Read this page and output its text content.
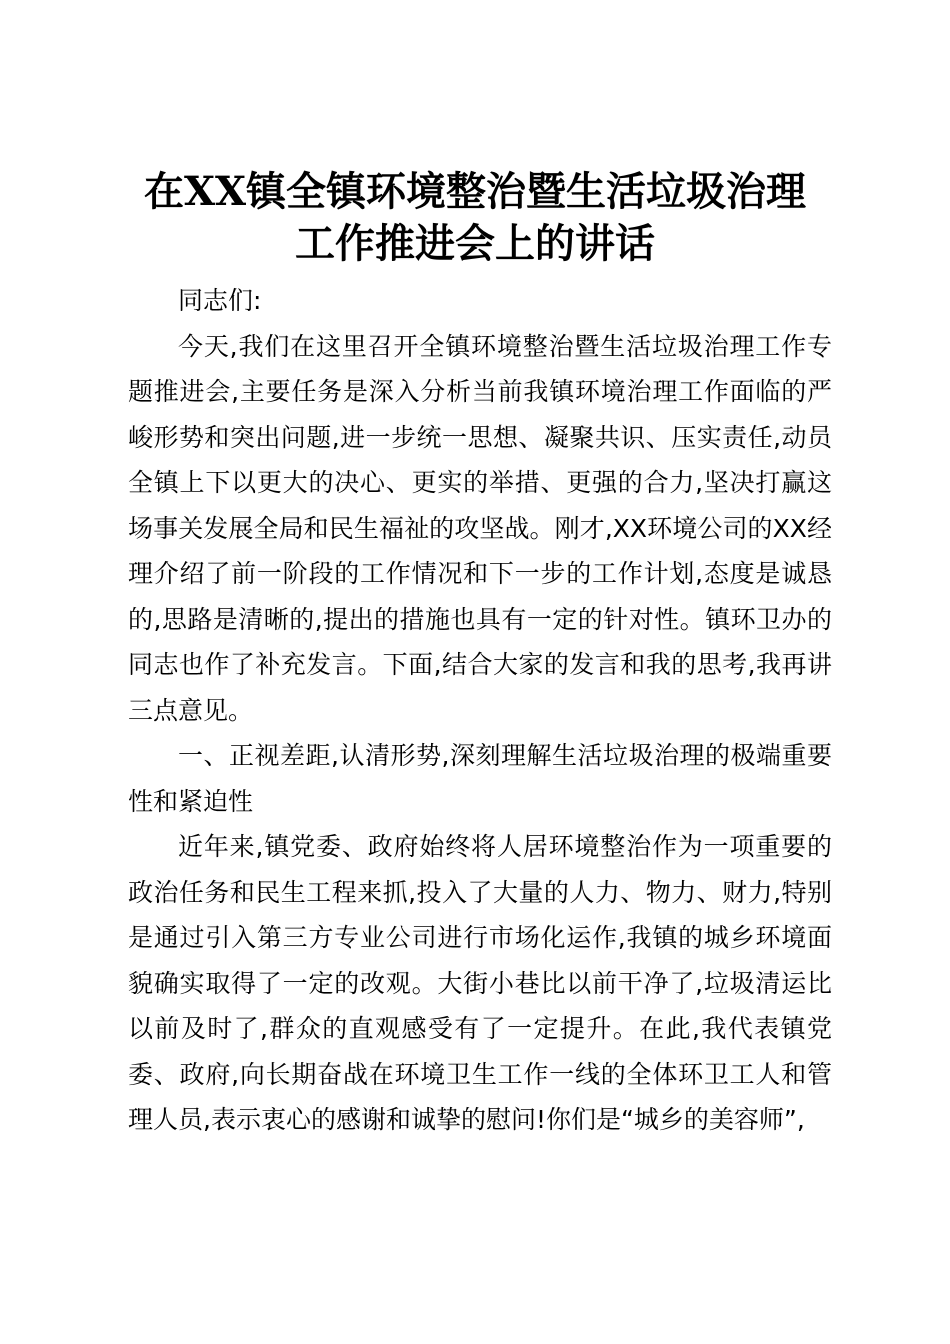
在XX镇全镇环境整治暨生活垃圾治理
工作推进会上的讲话

同志们:

今天,我们在这里召开全镇环境整治暨生活垃圾治理工作专题推进会,主要任务是深入分析当前我镇环境治理工作面临的严峻形势和突出问题,进一步统一思想、凝聚共识、压实责任,动员全镇上下以更大的决心、更实的举措、更强的合力,坚决打赢这场事关发展全局和民生福祉的攻坚战。刚才,XX环境公司的XX经理介绍了前一阶段的工作情况和下一步的工作计划,态度是诚恳的,思路是清晰的,提出的措施也具有一定的针对性。镇环卫办的同志也作了补充发言。下面,结合大家的发言和我的思考,我再讲三点意见。

一、正视差距,认清形势,深刻理解生活垃圾治理的极端重要性和紧迫性

近年来,镇党委、政府始终将人居环境整治作为一项重要的政治任务和民生工程来抓,投入了大量的人力、物力、财力,特别是通过引入第三方专业公司进行市场化运作,我镇的城乡环境面貌确实取得了一定的改观。大街小巷比以前干净了,垃圾清运比以前及时了,群众的直观感受有了一定提升。在此,我代表镇党委、政府,向长期奋战在环境卫生工作一线的全体环卫工人和管理人员,表示衷心的感谢和诚挚的慰问!你们是“城乡的美容师”,
